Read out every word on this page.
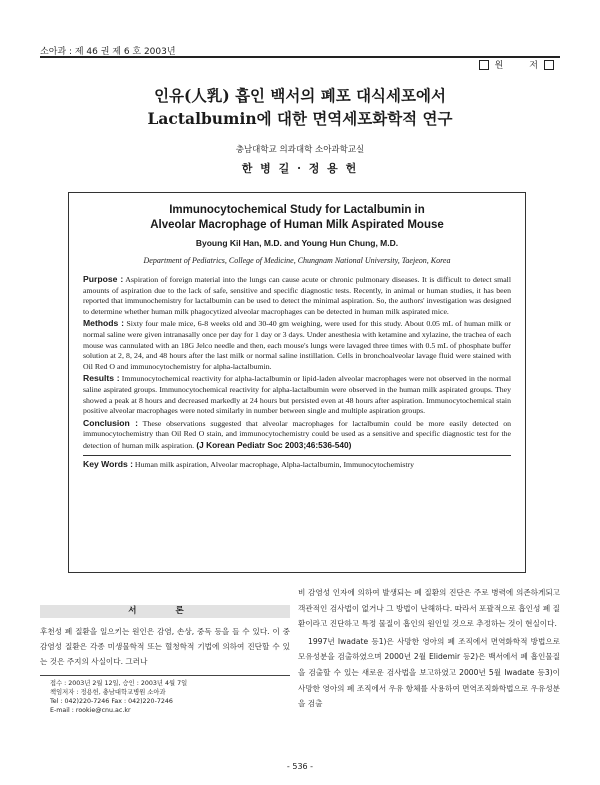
소아과 : 제 46 권 제 6 호 2003년
원	저
인유(人乳) 흡인 백서의 폐포 대식세포에서
Lactalbumin에 대한 면역세포화학적 연구
충남대학교 의과대학 소아과학교실
한 병 길 · 정 용 헌
Immunocytochemical Study for Lactalbumin in
Alveolar Macrophage of Human Milk Aspirated Mouse
Byoung Kil Han, M.D. and Young Hun Chung, M.D.
Department of Pediatrics, College of Medicine, Chungnam National University, Taejeon, Korea

Purpose : Aspiration of foreign material into the lungs can cause acute or chronic pulmonary diseases. It is difficult to detect small amounts of aspiration due to the lack of safe, sensitive and specific diagnostic tests. Recently, in animal or human studies, it has been reported that immunochemistry for lactalbumin can be used to detect the minimal aspiration. So, the authors' investigation was designed to determine whether human milk phagocytized alveolar macrophages can be detected in human milk aspirated mice.

Methods : Sixty four male mice, 6-8 weeks old and 30-40 gm weighing, were used for this study. About 0.05 mL of human milk or normal saline were given intranasally once per day for 1 day or 3 days. Under anesthesia with ketamine and xylazine, the trachea of each mouse was cannulated with an 18G Jelco needle and then, each mouse's lungs were lavaged three times with 0.5 mL of phosphate buffer solution at 2, 8, 24, and 48 hours after the last milk or normal saline instillation. Cells in bronchoalveolar lavage fluid were stained with Oil Red O and immunocytochemistry for alpha-lactalbumin.

Results : Immunocytochemical reactivity for alpha-lactalbumin or lipid-laden alveolar macrophages were not observed in the normal saline aspirated groups. Immunocytochemical reactivity for alpha-lactalbumin were observed in the human milk aspirated groups. They showed a peak at 8 hours and decreased markedly at 24 hours but persisted even at 48 hours after aspiration. Immunocytochemical stain positive alveolar macrophages were noted similarly in number between single and multiple aspiration groups.

Conclusion : These observations suggested that alveolar macrophages for lactalbumin could be more easily detected on immunocytochemistry than Oil Red O stain, and immunocytochemistry could be used as a sensitive and specific diagnostic test for the detection of human milk aspiration. (J Korean Pediatr Soc 2003;46:536-540)

Key Words : Human milk aspiration, Alveolar macrophage, Alpha-lactalbumin, Immunocytochemistry

서 론
후천성 폐 질환을 일으키는 원인은 감염, 손상, 중독 등을 들 수 있다. 이 중 감염성 질환은 각종 미생물학적 또는 혈청학적 기법에 의하여 진단할 수 있는 것은 주지의 사실이다. 그러나
접수 : 2003년 2월 12일, 승인 : 2003년 4월 7일
책임저자 : 정용헌, 충남대학교병원 소아과
Tel : 042)220-7246 Fax : 042)220-7246
E-mail : rookie@cnu.ac.kr
비 감염성 인자에 의하여 발생되는 폐 질환의 진단은 주로 병력에 의존하게되고 객관적인 검사법이 없거나 그 방법이 난해하다. 따라서 포괄적으로 흡인성 폐 질환이라고 진단하고 특정 물질이 흡인의 원인일 것으로 추정하는 것이 현실이다.
1997년 Iwadate 등1)은 사망한 영아의 폐 조직에서 면역화학적 방법으로 모유성분을 검출하였으며 2000년 2월 Elidemir 등2)은 백서에서 폐 흡인물질을 검출할 수 있는 새로운 검사법을 보고하였고 2000년 5월 Iwadate 등3)이 사망한 영아의 폐 조직에서 우유 항체를 사용하여 면역조직화학법으로 우유성분을 검출
- 536 -
